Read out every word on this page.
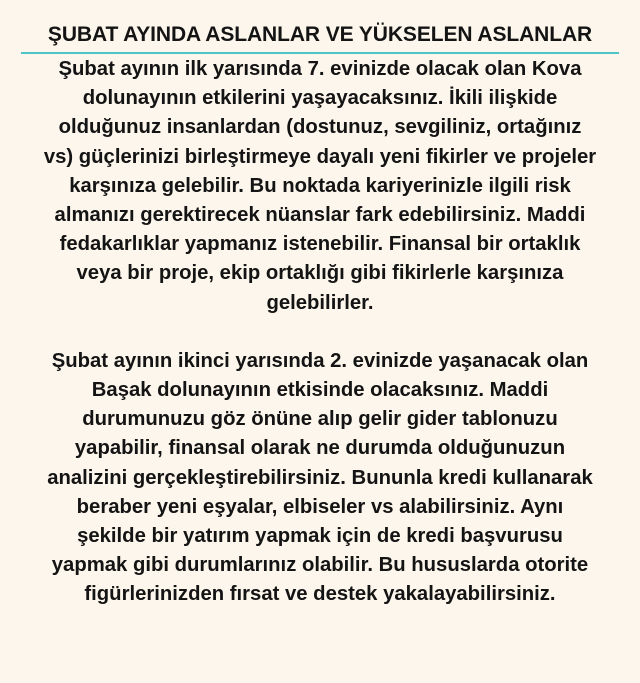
ŞUBAT AYINDA ASLANLAR VE YÜKSELEN ASLANLAR

Şubat ayının ilk yarısında 7. evinizde olacak olan Kova
dolunayının etkilerini yaşayacaksınız. İkili ilişkide
olduğunuz insanlardan (dostunuz, sevgiliniz, ortağınız
vs) güçlerinizi birleştirmeye dayalı yeni fikirler ve projeler
karşınıza gelebilir. Bu noktada kariyerinizle ilgili risk
almanızı gerektirecek nüanslar fark edebilirsiniz. Maddi
fedakarlıklar yapmanız istenebilir. Finansal bir ortaklık
veya bir proje, ekip ortaklığı gibi fikirlerle karşınıza
gelebilirler.

Şubat ayının ikinci yarısında 2. evinizde yaşanacak olan
Başak dolunayının etkisinde olacaksınız. Maddi
durumunuzu göz önüne alıp gelir gider tablonuzu
yapabilir, finansal olarak ne durumda olduğunuzun
analizini gerçekleştirebilirsiniz. Bununla kredi kullanarak
beraber yeni eşyalar, elbiseler vs alabilirsiniz. Aynı
şekilde bir yatırım yapmak için de kredi başvurusu
yapmak gibi durumlarınız olabilir. Bu hususlarda otorite
figürlerinizden fırsat ve destek yakalayabilirsiniz.
